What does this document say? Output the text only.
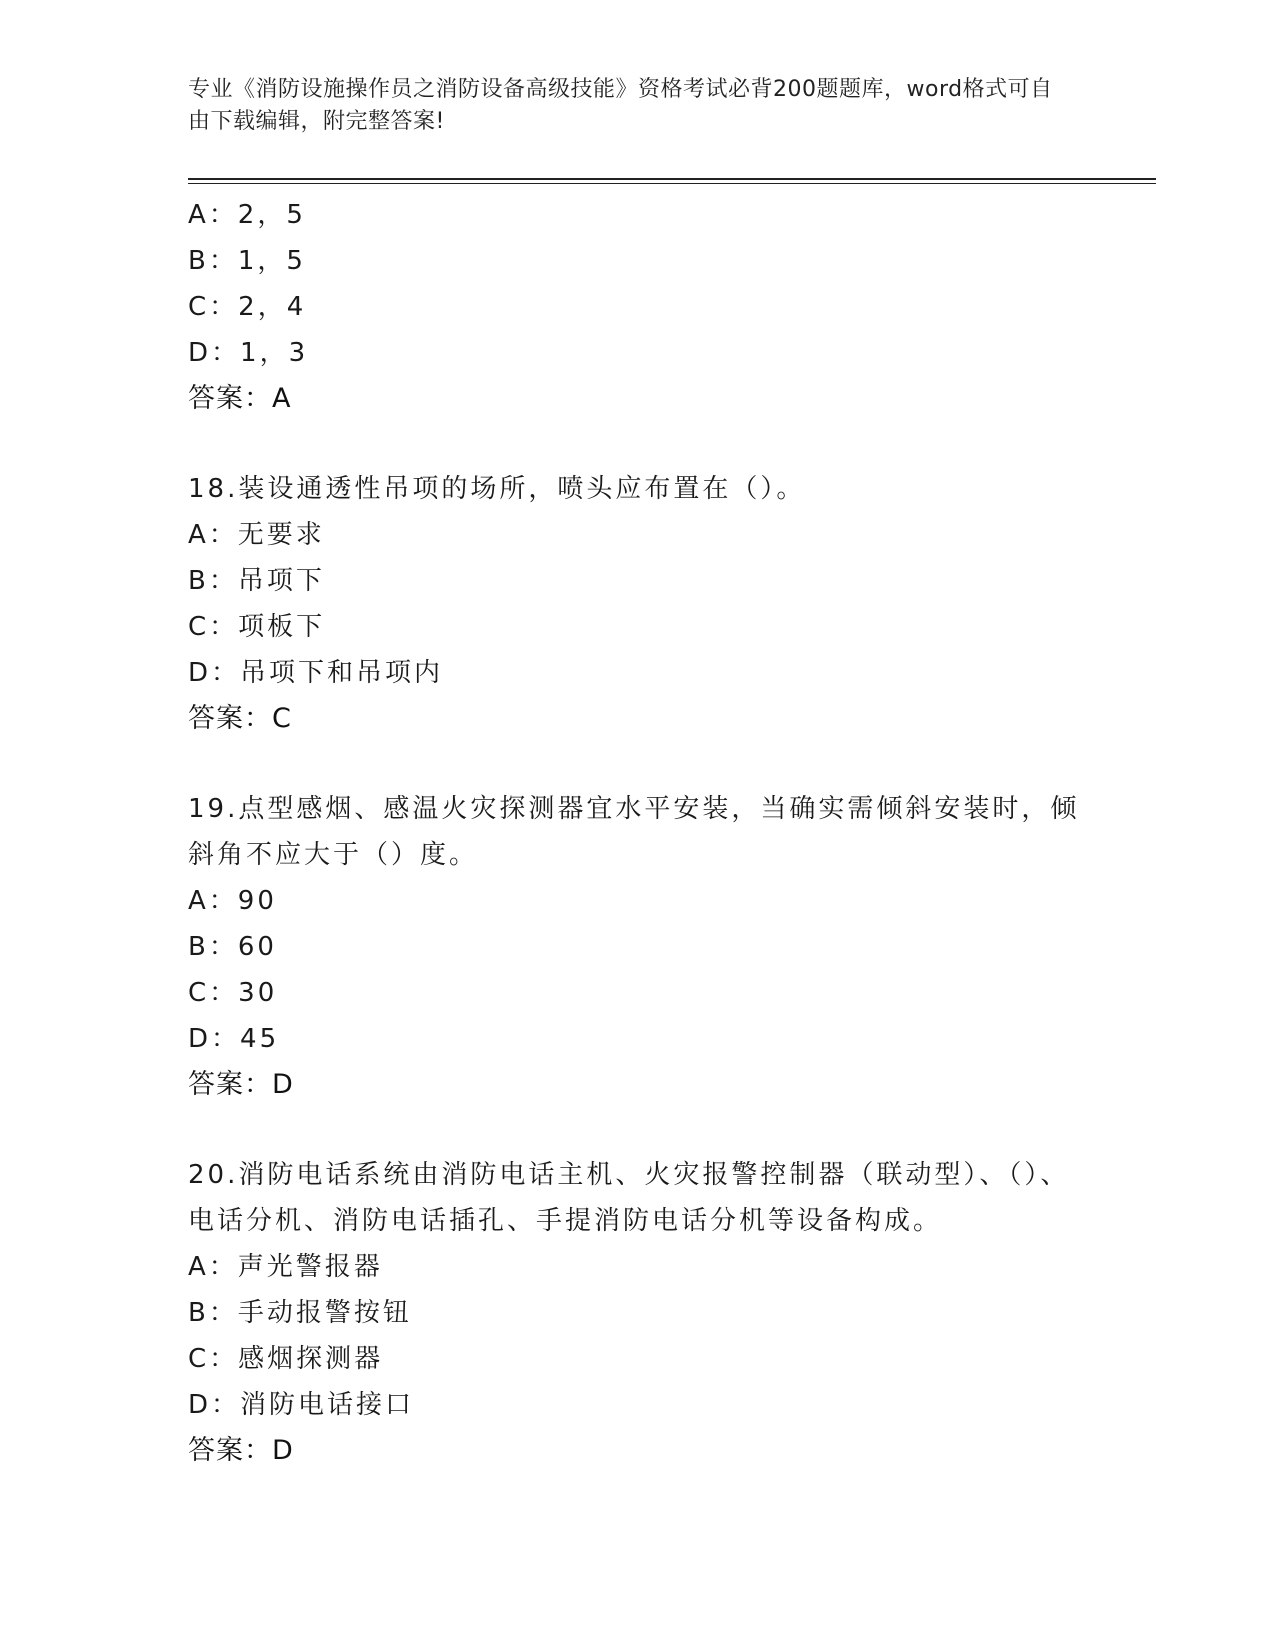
专业《消防设施操作员之消防设备高级技能》资格考试必背200题题库，word格式可自由下载编辑，附完整答案!
A：2，5
B：1，5
C：2，4
D：1，3
答案：A
18.装设通透性吊项的场所，喷头应布置在（）。
A：无要求
B：吊项下
C：项板下
D：吊项下和吊项内
答案：C
19.点型感烟、感温火灾探测器宜水平安装，当确实需倾斜安装时，倾斜角不应大于（）度。
A：90
B：60
C：30
D：45
答案：D
20.消防电话系统由消防电话主机、火灾报警控制器（联动型）、（）、电话分机、消防电话插孔、手提消防电话分机等设备构成。
A：声光警报器
B：手动报警按钮
C：感烟探测器
D：消防电话接口
答案：D
